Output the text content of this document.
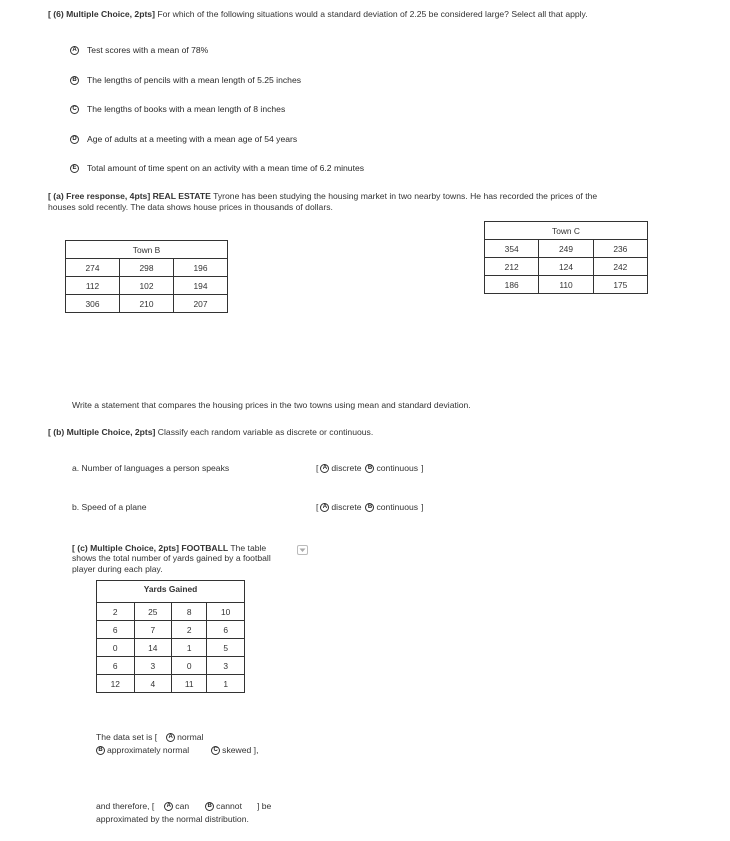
[ (6) Multiple Choice, 2pts] For which of the following situations would a standard deviation of 2.25 be considered large? Select all that apply.
A Test scores with a mean of 78%
B The lengths of pencils with a mean length of 5.25 inches
C The lengths of books with a mean length of 8 inches
D Age of adults at a meeting with a mean age of 54 years
E Total amount of time spent on an activity with a mean time of 6.2 minutes
[ (a) Free response, 4pts] REAL ESTATE Tyrone has been studying the housing market in two nearby towns. He has recorded the prices of the
houses sold recently. The data shows house prices in thousands of dollars.
Town C		
354	249	236
212	124	242
186	110	175
Town B		
274	298	196
112	102	194
306	210	207
Write a statement that compares the housing prices in the two towns using mean and standard deviation.
[ (b) Multiple Choice, 2pts] Classify each random variable as discrete or continuous.
a. Number of languages a person speaks	[ A discrete	B continuous ]
b. Speed of a plane	[ A discrete	B continuous ]
[ (c) Multiple Choice, 2pts] FOOTBALL The table
shows the total number of yards gained by a football
player during each play.
Yards Gained			
2	25	8	10
6	7	2	6
0	14	1	5
6	3	0	3
12	4	11	1
The data set is [	A normal
B approximately normal	C skewed ],
and therefore, [	A can	B cannot ] be
approximated by the normal distribution.
